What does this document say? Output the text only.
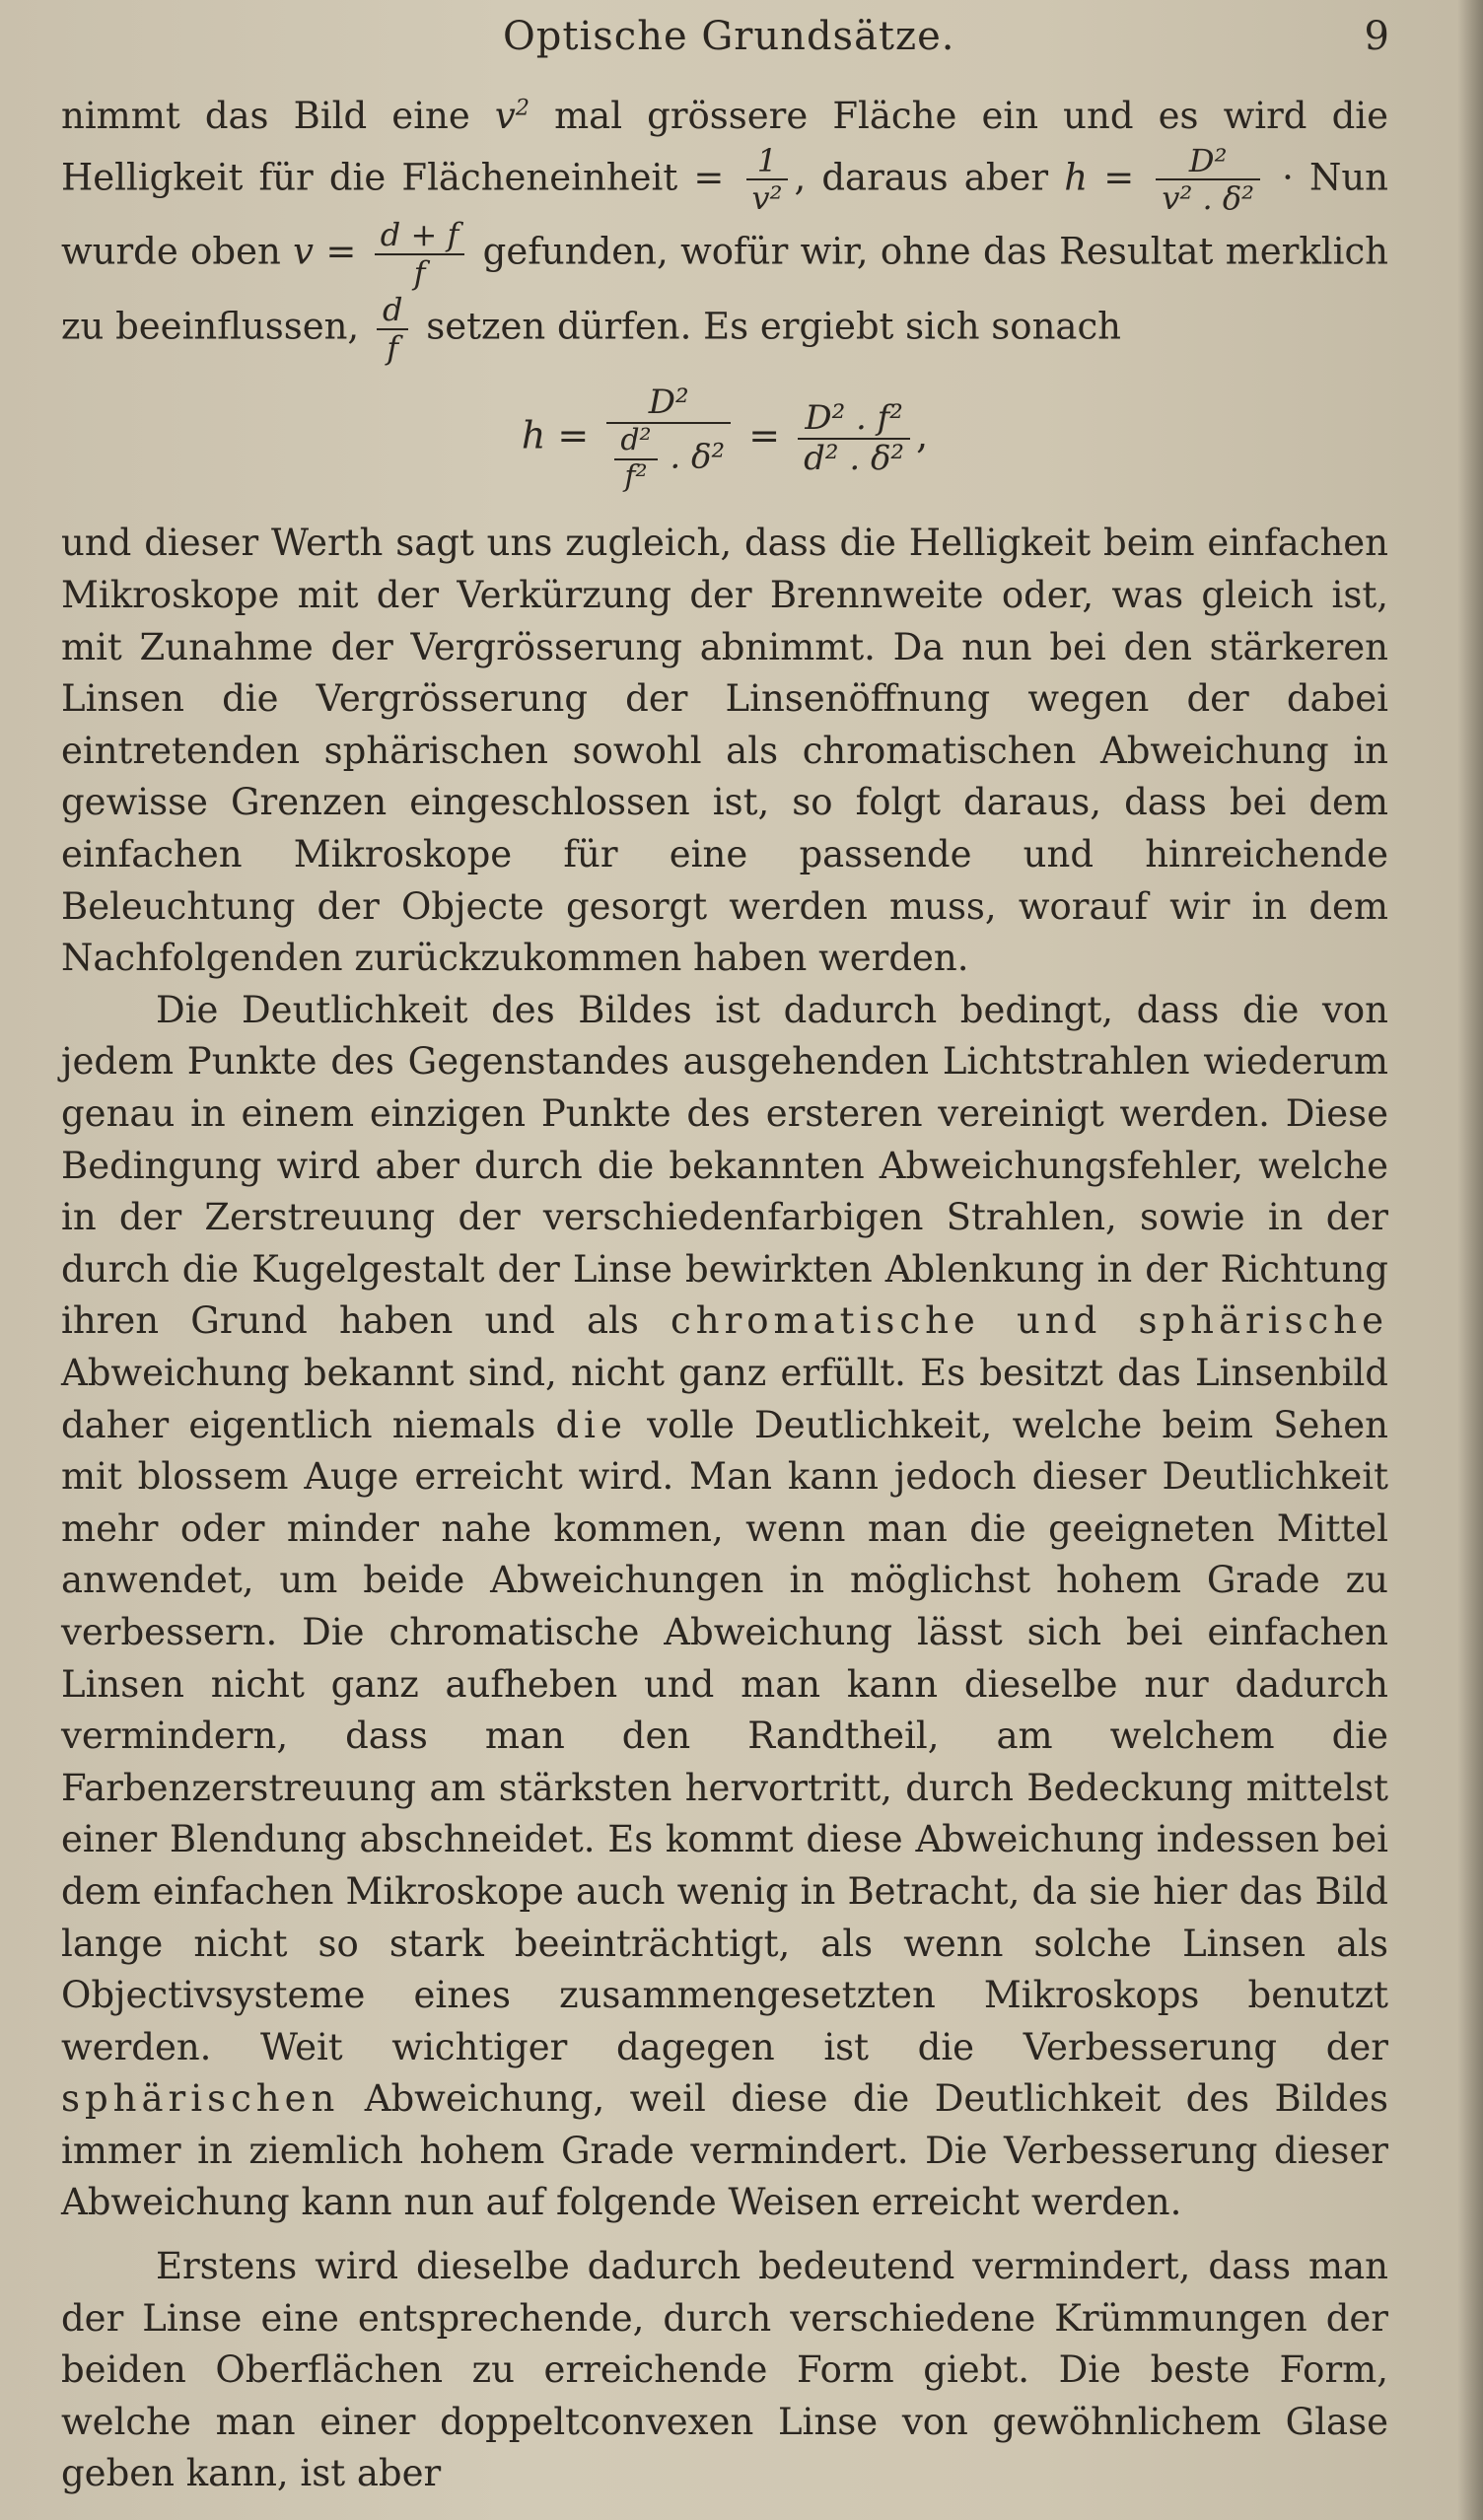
Optische Grundsätze.	9

nimmt das Bild eine $v^2$ mal grössere Fläche ein und es wird die Helligkeit für die Flächeneinheit = $\frac{1}{\text{v²}}$ , daraus aber $h = \frac{\text{D²}}{\text{v² . δ²}}$ · Nun wurde oben $v = \frac{d + f}{f}$ gefunden, wofür wir, ohne das Resultat merklich zu beeinflussen, $\frac{d}{f}$ setzen dürfen. Es ergiebt sich sonach

$h = \frac{\text{D²}}{\frac{\text{d²}}{\text{f²}} . \delta^2} = \frac{\text{D² . f²}}{\text{d² . δ²}}$ ,

und dieser Werth sagt uns zugleich, dass die Helligkeit beim einfachen Mikroskope mit der Verkürzung der Brennweite oder, was gleich ist, mit Zunahme der Vergrösserung abnimmt. Da nun bei den stärkeren Linsen die Vergrösserung der Linsenöffnung wegen der dabei eintretenden sphärischen sowohl als chromatischen Abweichung in gewisse Grenzen eingeschlossen ist, so folgt daraus, dass bei dem einfachen Mikroskope für eine passende und hinreichende Beleuchtung der Objecte gesorgt werden muss, worauf wir in dem Nachfolgenden zurückzukommen haben werden.

Die Deutlichkeit des Bildes ist dadurch bedingt, dass die von jedem Punkte des Gegenstandes ausgehenden Lichtstrahlen wiederum genau in einem einzigen Punkte des ersteren vereinigt werden. Diese Bedingung wird aber durch die bekannten Abweichungsfehler, welche in der Zerstreuung der verschiedenfarbigen Strahlen, sowie in der durch die Kugelgestalt der Linse bewirkten Ablenkung in der Richtung ihren Grund haben und als chromatische und sphärische Abweichung bekannt sind, nicht ganz erfüllt. Es besitzt das Linsenbild daher eigentlich niemals die volle Deutlichkeit, welche beim Sehen mit blossem Auge erreicht wird. Man kann jedoch dieser Deutlichkeit mehr oder minder nahe kommen, wenn man die geeigneten Mittel anwendet, um beide Abweichungen in möglichst hohem Grade zu verbessern. Die chromatische Abweichung lässt sich bei einfachen Linsen nicht ganz aufheben und man kann dieselbe nur dadurch vermindern, dass man den Randtheil, am welchem die Farbenzerstreuung am stärksten hervortritt, durch Bedeckung mittelst einer Blendung abschneidet. Es kommt diese Abweichung indessen bei dem einfachen Mikroskope auch wenig in Betracht, da sie hier das Bild lange nicht so stark beeinträchtigt, als wenn solche Linsen als Objectivsysteme eines zusammengesetzten Mikroskops benutzt werden. Weit wichtiger dagegen ist die Verbesserung der sphärischen Abweichung, weil diese die Deutlichkeit des Bildes immer in ziemlich hohem Grade vermindert. Die Verbesserung dieser Abweichung kann nun auf folgende Weisen erreicht werden.

Erstens wird dieselbe dadurch bedeutend vermindert, dass man der Linse eine entsprechende, durch verschiedene Krümmungen der beiden Oberflächen zu erreichende Form giebt. Die beste Form, welche man einer doppeltconvexen Linse von gewöhnlichem Glase geben kann, ist aber
